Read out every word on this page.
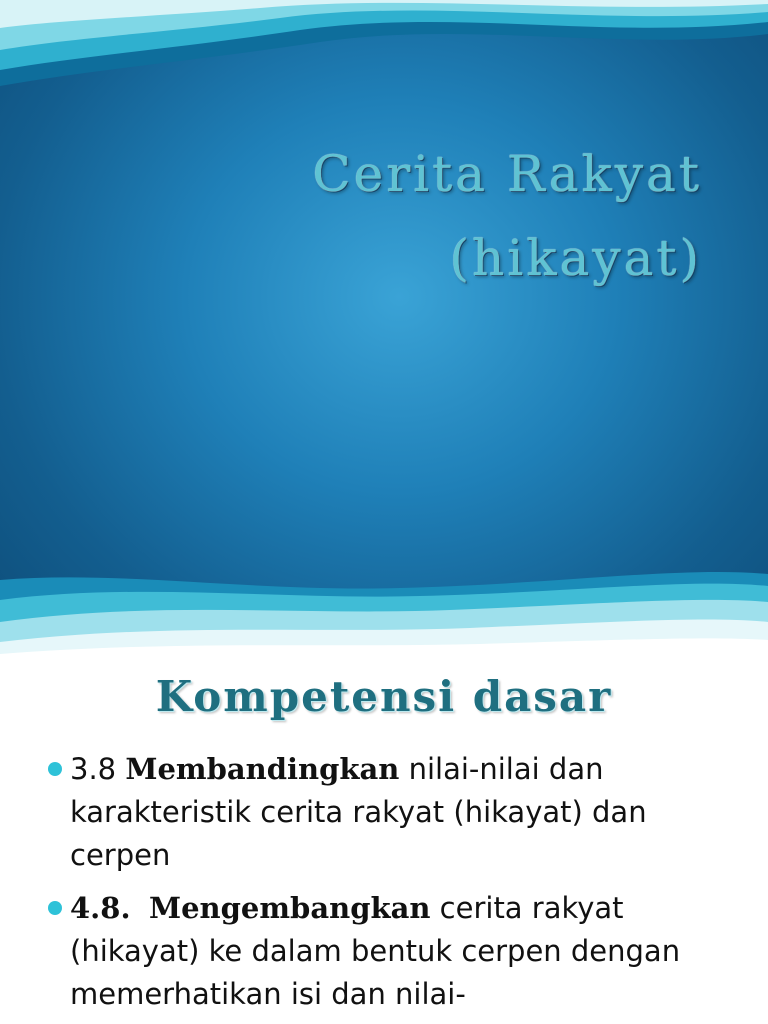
Cerita Rakyat
(hikayat)
Kompetensi dasar
3.8 Membandingkan nilai-nilai dan karakteristik cerita rakyat (hikayat) dan cerpen
4.8. Mengembangkan cerita rakyat (hikayat) ke dalam bentuk cerpen dengan memerhatikan isi dan nilai-
